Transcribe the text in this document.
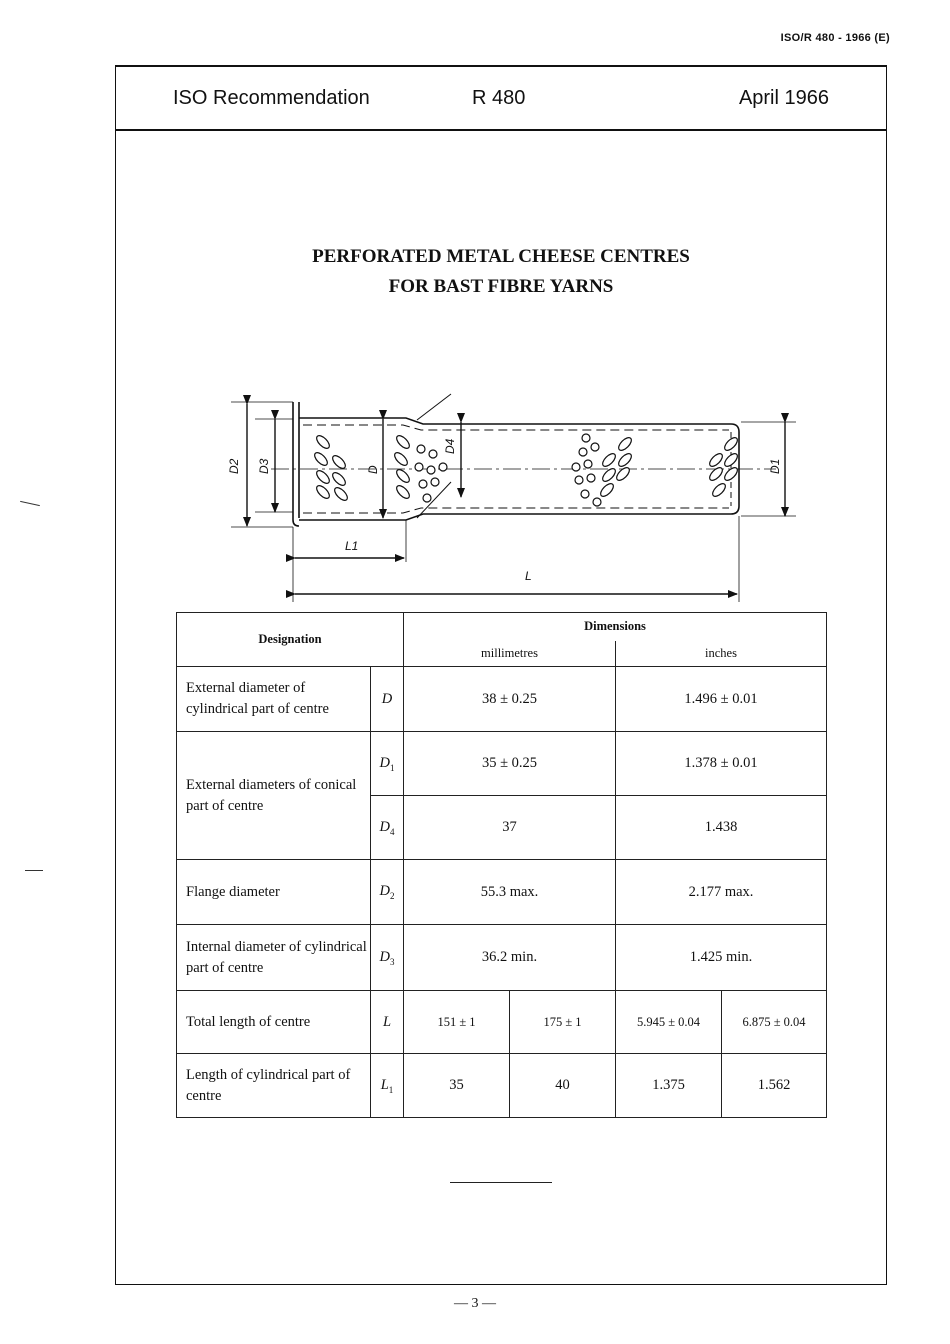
ISO/R 480 - 1966 (E)
ISO Recommendation	R 480	April 1966
PERFORATED METAL CHEESE CENTRES
FOR BAST FIBRE YARNS
D2 D3	D
D4
D1
L1
L
Designation		Dimensions			
		millimetres		inches	
External diameter of cylindrical part of centre	D	38 ± 0.25		1.496 ± 0.01	
External diameters of conical part of centre	$D_1$	35 ± 0.25		1.378 ± 0.01	
	$D_4$	37		1.438	
Flange diameter	$D_2$	55.3 max.		2.177 max.	
Internal diameter of cylindrical part of centre	$D_3$	36.2 min.		1.425 min.	
Total length of centre	L	151 ± 1	175 ± 1	5.945 ± 0.04	6.875 ± 0.04
Length of cylindrical part of centre	$L_1$	35	40	1.375	1.562
— 3 —
